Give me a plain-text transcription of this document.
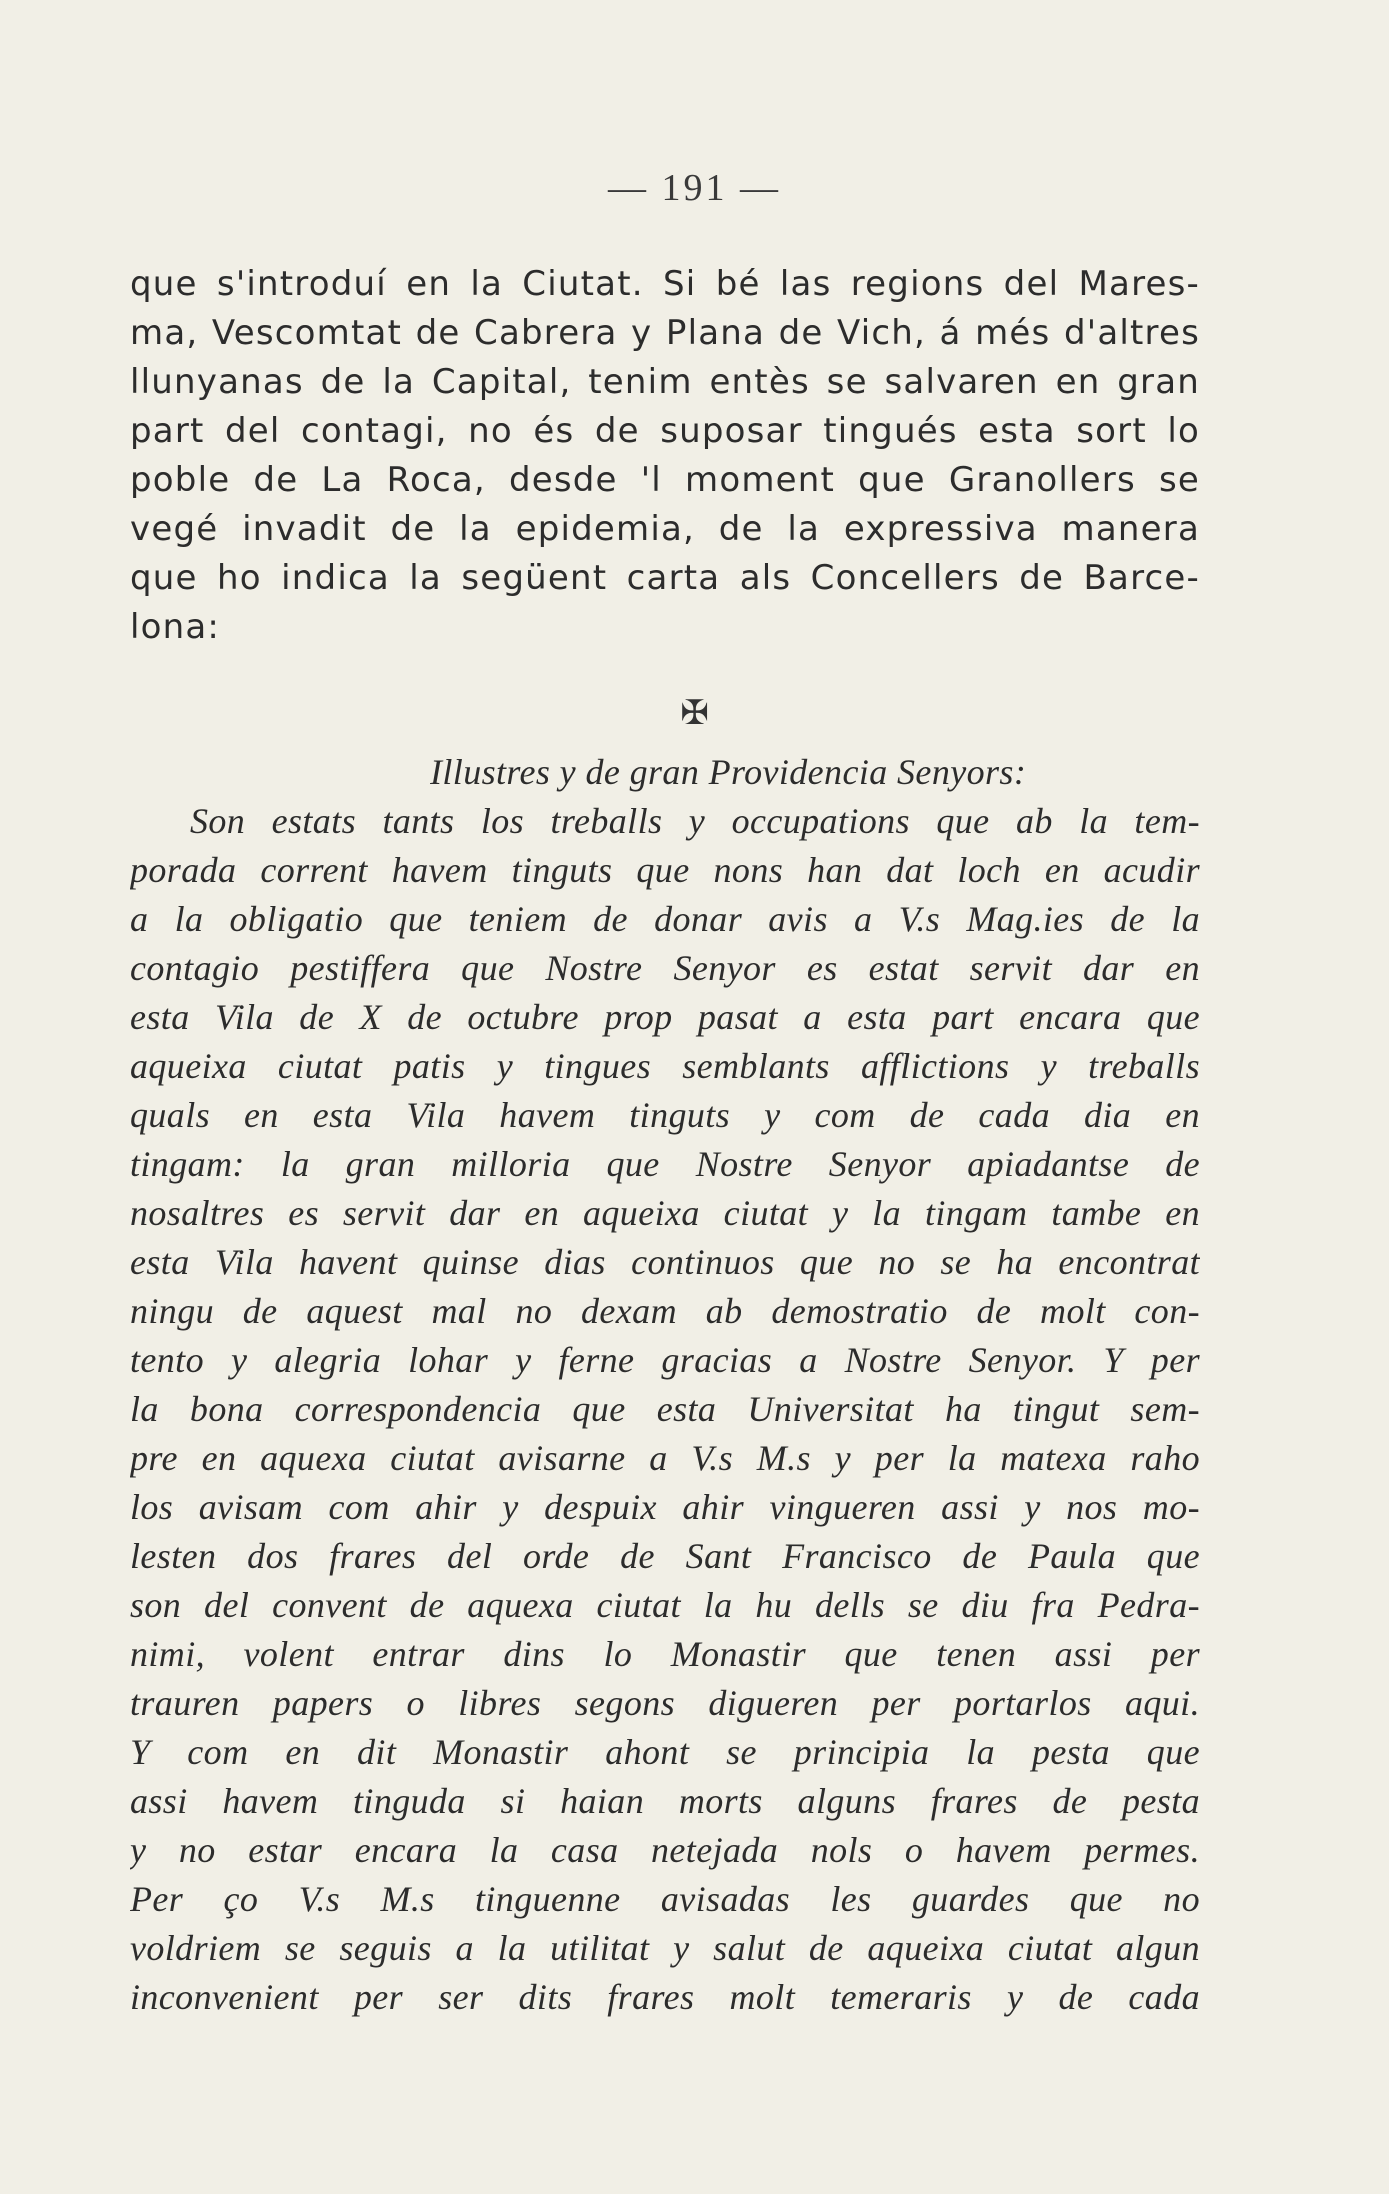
— 191 —
que s'introduí en la Ciutat. Si bé las regions del Mares-
ma, Vescomtat de Cabrera y Plana de Vich, á més d'altres
llunyanas de la Capital, tenim entès se salvaren en gran
part del contagi, no és de suposar tingués esta sort lo
poble de La Roca, desde 'l moment que Granollers se
vegé invadit de la epidemia, de la expressiva manera
que ho indica la següent carta als Concellers de Barce-
lona:
✠
Illustres y de gran Providencia Senyors:
Son estats tants los treballs y occupations que ab la tem-
porada corrent havem tinguts que nons han dat loch en acudir
a la obligatio que teniem de donar avis a V.s Mag.ies de la
contagio pestiffera que Nostre Senyor es estat servit dar en
esta Vila de X de octubre prop pasat a esta part encara que
aqueixa ciutat patis y tingues semblants afflictions y treballs
quals en esta Vila havem tinguts y com de cada dia en
tingam: la gran milloria que Nostre Senyor apiadantse de
nosaltres es servit dar en aqueixa ciutat y la tingam tambe en
esta Vila havent quinse dias continuos que no se ha encontrat
ningu de aquest mal no dexam ab demostratio de molt con-
tento y alegria lohar y ferne gracias a Nostre Senyor. Y per
la bona correspondencia que esta Universitat ha tingut sem-
pre en aquexa ciutat avisarne a V.s M.s y per la matexa raho
los avisam com ahir y despuix ahir vingueren assi y nos mo-
lesten dos frares del orde de Sant Francisco de Paula que
son del convent de aquexa ciutat la hu dells se diu fra Pedra-
nimi, volent entrar dins lo Monastir que tenen assi per
trauren papers o libres segons digueren per portarlos aqui.
Y com en dit Monastir ahont se principia la pesta que
assi havem tinguda si haian morts alguns frares de pesta
y no estar encara la casa netejada nols o havem permes.
Per ço V.s M.s tinguenne avisadas les guardes que no
voldriem se seguis a la utilitat y salut de aqueixa ciutat algun
inconvenient per ser dits frares molt temeraris y de cada
